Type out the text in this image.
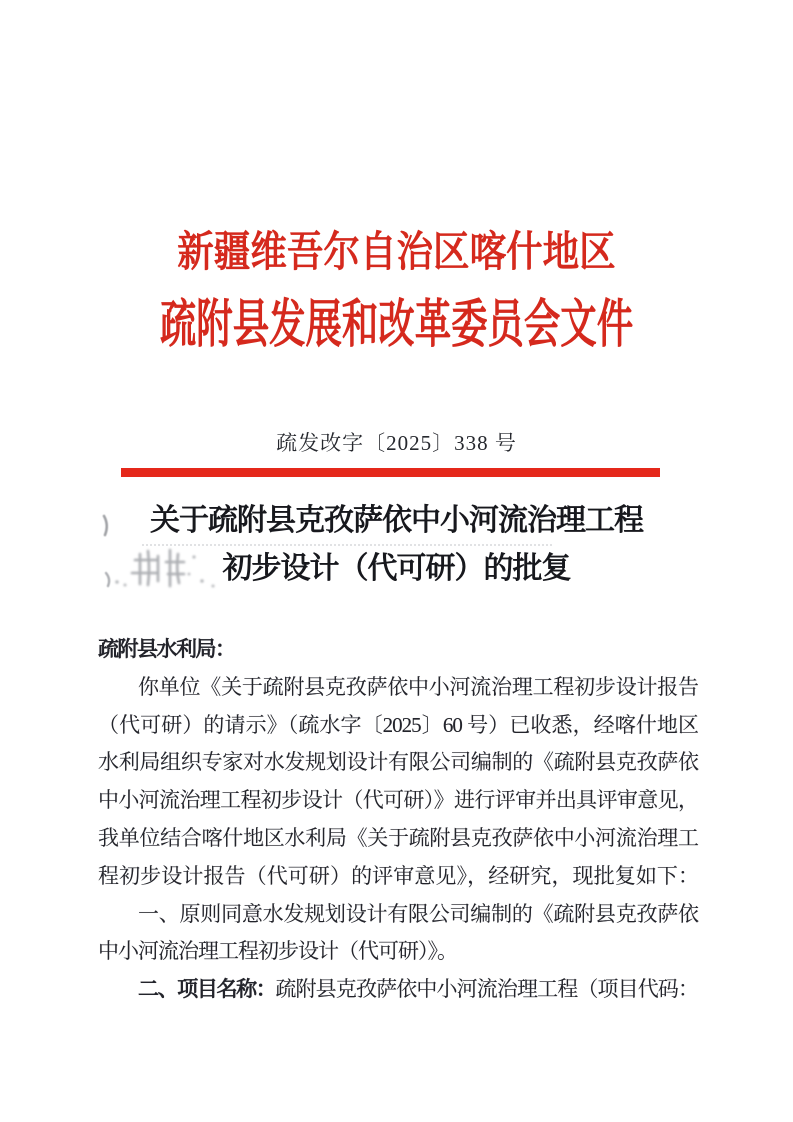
新疆维吾尔自治区喀什地区
疏附县发展和改革委员会文件
疏发改字〔2025〕338 号
关于疏附县克孜萨依中小河流治理工程
初步设计（代可研）的批复
疏附县水利局：
你单位《关于疏附县克孜萨依中小河流治理工程初步设计报告
（代可研）的请示》（疏水字〔2025〕60 号）已收悉，经喀什地区
水利局组织专家对水发规划设计有限公司编制的《疏附县克孜萨依
中小河流治理工程初步设计（代可研）》进行评审并出具评审意见，
我单位结合喀什地区水利局《关于疏附县克孜萨依中小河流治理工
程初步设计报告（代可研）的评审意见》，经研究，现批复如下：
一、原则同意水发规划设计有限公司编制的《疏附县克孜萨依
中小河流治理工程初步设计（代可研）》。
二、项目名称：疏附县克孜萨依中小河流治理工程（项目代码：
